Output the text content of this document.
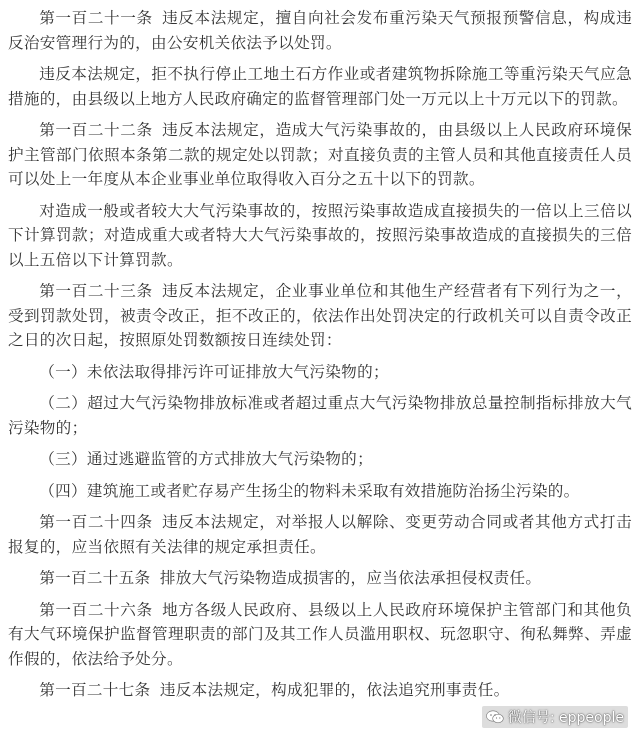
第一百二十一条 违反本法规定，擅自向社会发布重污染天气预报预警信息，构成违反治安管理行为的，由公安机关依法予以处罚。

违反本法规定，拒不执行停止工地土石方作业或者建筑物拆除施工等重污染天气应急措施的，由县级以上地方人民政府确定的监督管理部门处一万元以上十万元以下的罚款。

第一百二十二条 违反本法规定，造成大气污染事故的，由县级以上人民政府环境保护主管部门依照本条第二款的规定处以罚款；对直接负责的主管人员和其他直接责任人员可以处上一年度从本企业事业单位取得收入百分之五十以下的罚款。

对造成一般或者较大大气污染事故的，按照污染事故造成直接损失的一倍以上三倍以下计算罚款；对造成重大或者特大大气污染事故的，按照污染事故造成的直接损失的三倍以上五倍以下计算罚款。

第一百二十三条 违反本法规定，企业事业单位和其他生产经营者有下列行为之一，受到罚款处罚，被责令改正，拒不改正的，依法作出处罚决定的行政机关可以自责令改正之日的次日起，按照原处罚数额按日连续处罚：

（一）未依法取得排污许可证排放大气污染物的；

（二）超过大气污染物排放标准或者超过重点大气污染物排放总量控制指标排放大气污染物的；

（三）通过逃避监管的方式排放大气污染物的；

（四）建筑施工或者贮存易产生扬尘的物料未采取有效措施防治扬尘污染的。

第一百二十四条 违反本法规定，对举报人以解除、变更劳动合同或者其他方式打击报复的，应当依照有关法律的规定承担责任。

第一百二十五条 排放大气污染物造成损害的，应当依法承担侵权责任。

第一百二十六条 地方各级人民政府、县级以上人民政府环境保护主管部门和其他负有大气环境保护监督管理职责的部门及其工作人员滥用职权、玩忽职守、徇私舞弊、弄虚作假的，依法给予处分。

第一百二十七条 违反本法规定，构成犯罪的，依法追究刑事责任。

微信号: eppeople
